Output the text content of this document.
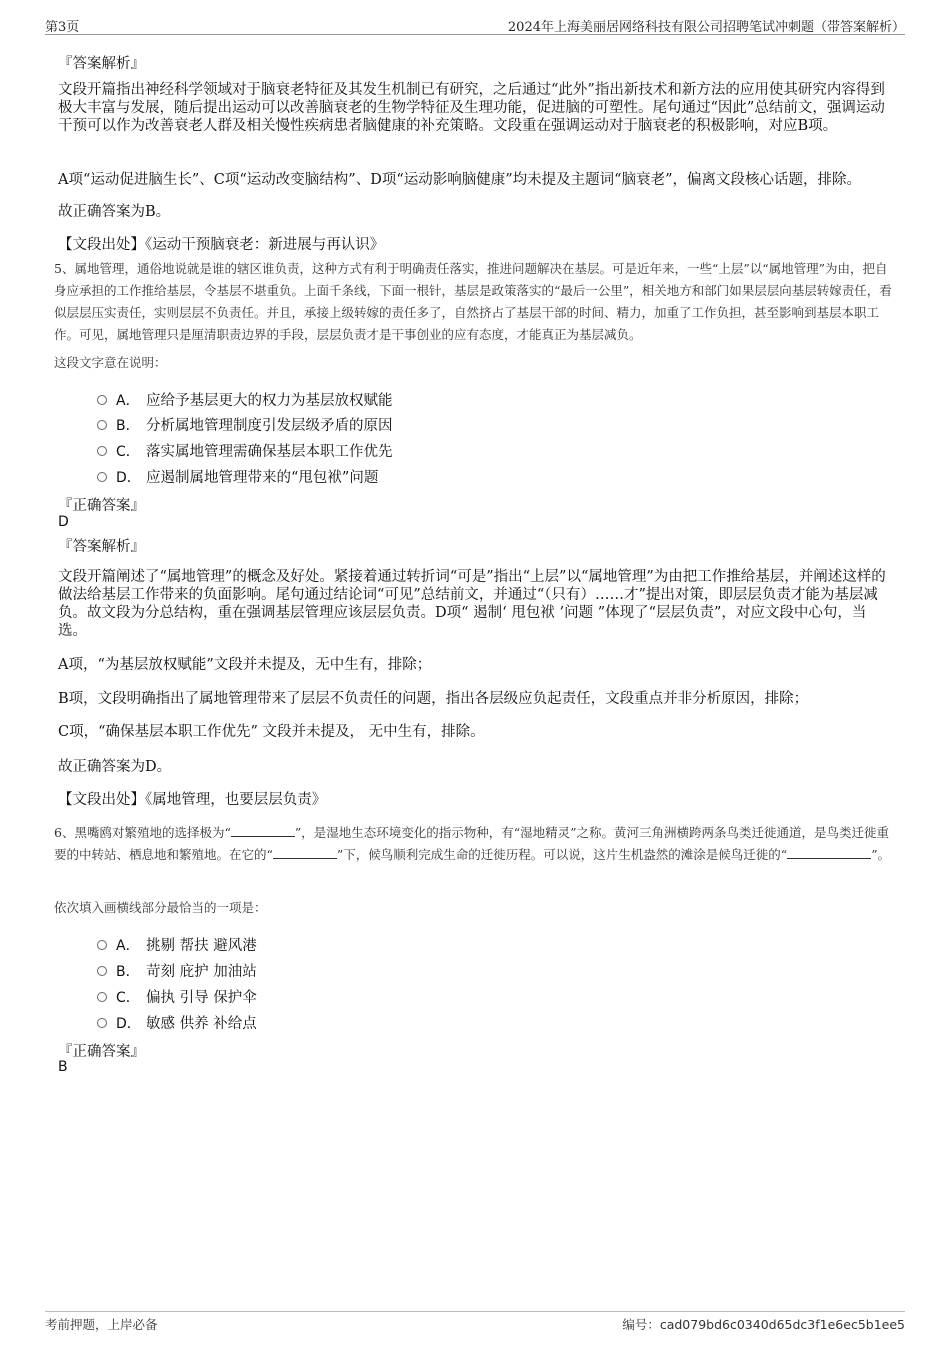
第3页	2024年上海美丽居网络科技有限公司招聘笔试冲刺题（带答案解析）
『答案解析』

文段开篇指出神经科学领域对于脑衰老特征及其发生机制已有研究，之后通过“此外”指出新技术和新方法的应用使其研究内容得到极大丰富与发展，随后提出运动可以改善脑衰老的生物学特征及生理功能，促进脑的可塑性。尾句通过“因此”总结前文，强调运动干预可以作为改善衰老人群及相关慢性疾病患者脑健康的补充策略。文段重在强调运动对于脑衰老的积极影响，对应B项。

A项“运动促进脑生长”、C项“运动改变脑结构”、D项“运动影响脑健康”均未提及主题词“脑衰老”，偏离文段核心话题，排除。

故正确答案为B。

【文段出处】《运动干预脑衰老：新进展与再认识》

5、属地管理，通俗地说就是谁的辖区谁负责，这种方式有利于明确责任落实，推进问题解决在基层。可是近年来，一些“上层”以“属地管理”为由，把自身应承担的工作推给基层，令基层不堪重负。上面千条线，下面一根针，基层是政策落实的“最后一公里”，相关地方和部门如果层层向基层转嫁责任，看似层层压实责任，实则层层不负责任。并且，承接上级转嫁的责任多了，自然挤占了基层干部的时间、精力，加重了工作负担，甚至影响到基层本职工作。可见，属地管理只是厘清职责边界的手段，层层负责才是干事创业的应有态度，才能真正为基层减负。

这段文字意在说明：

A． 应给予基层更大的权力为基层放权赋能
B． 分析属地管理制度引发层级矛盾的原因
C． 落实属地管理需确保基层本职工作优先
D． 应遏制属地管理带来的“甩包袱”问题
『正确答案』
D
『答案解析』

文段开篇阐述了“属地管理”的概念及好处。紧接着通过转折词“可是”指出“上层”以“属地管理”为由把工作推给基层，并阐述这样的做法给基层工作带来的负面影响。尾句通过结论词“可见”总结前文，并通过“（只有）……才”提出对策，即层层负责才能为基层减负。故文段为分总结构，重在强调基层管理应该层层负责。D项“ 遏制‘ 甩包袱 ’问题 ”体现了“层层负责”，对应文段中心句，当选。

A项，“为基层放权赋能”文段并未提及，无中生有，排除；

B项，文段明确指出了属地管理带来了层层不负责任的问题，指出各层级应负起责任，文段重点并非分析原因，排除；

C项，“确保基层本职工作优先” 文段并未提及， 无中生有，排除。

故正确答案为D。

【文段出处】《属地管理，也要层层负责》

6、黑嘴鸥对繁殖地的选择极为“	”，是湿地生态环境变化的指示物种，有“湿地精灵”之称。黄河三角洲横跨两条鸟类迁徙通道，是鸟类迁徙重要的中转站、栖息地和繁殖地。在它的“	”下，候鸟顺利完成生命的迁徙历程。可以说，这片生机盎然的滩涂是候鸟迁徙的“	”。

依次填入画横线部分最恰当的一项是：

A． 挑剔 帮扶 避风港
B． 苛刻 庇护 加油站
C． 偏执 引导 保护伞
D． 敏感 供养 补给点
『正确答案』
B
考前押题，上岸必备	编号：cad079bd6c0340d65dc3f1e6ec5b1ee5
